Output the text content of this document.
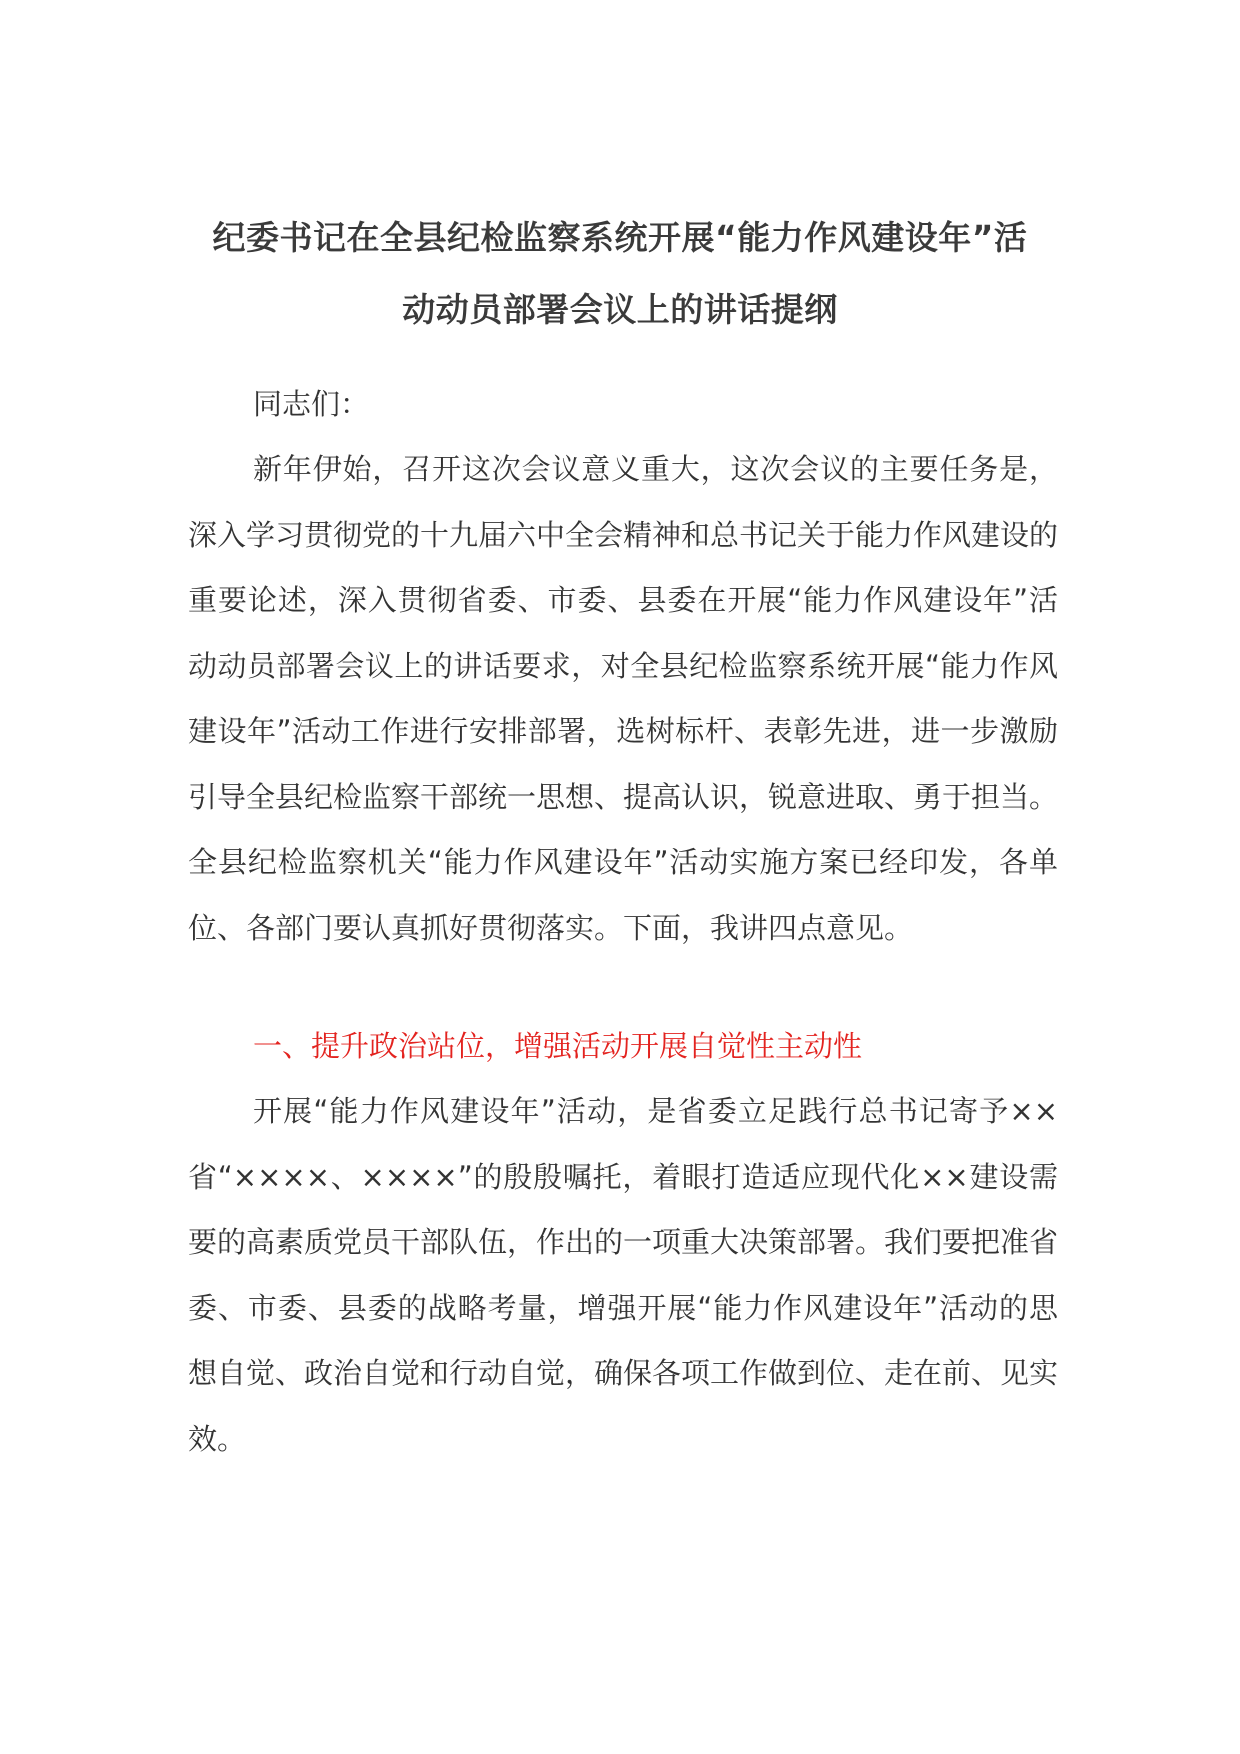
纪委书记在全县纪检监察系统开展“能力作风建设年”活
动动员部署会议上的讲话提纲

同志们：

新年伊始，召开这次会议意义重大，这次会议的主要任务是，深入学习贯彻党的十九届六中全会精神和总书记关于能力作风建设的重要论述，深入贯彻省委、市委、县委在开展“能力作风建设年”活动动员部署会议上的讲话要求，对全县纪检监察系统开展“能力作风建设年”活动工作进行安排部署，选树标杆、表彰先进，进一步激励引导全县纪检监察干部统一思想、提高认识，锐意进取、勇于担当。全县纪检监察机关“能力作风建设年”活动实施方案已经印发，各单位、各部门要认真抓好贯彻落实。下面，我讲四点意见。

一、提升政治站位，增强活动开展自觉性主动性

开展“能力作风建设年”活动，是省委立足践行总书记寄予××省“××××、××××”的殷殷嘱托，着眼打造适应现代化××建设需要的高素质党员干部队伍，作出的一项重大决策部署。我们要把准省委、市委、县委的战略考量，增强开展“能力作风建设年”活动的思想自觉、政治自觉和行动自觉，确保各项工作做到位、走在前、见实效。
